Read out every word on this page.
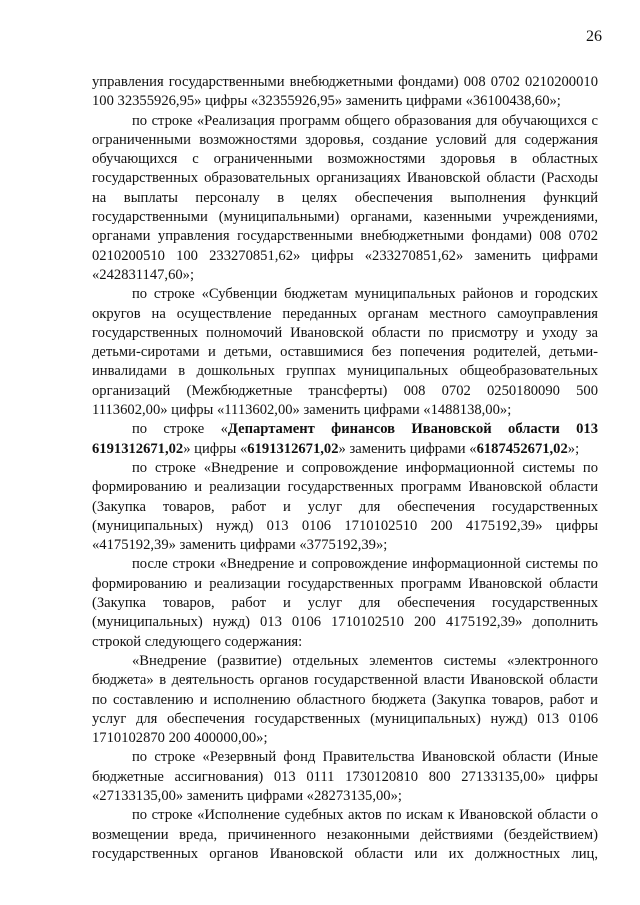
26

управления государственными внебюджетными фондами) 008 0702 0210200010 100 32355926,95» цифры «32355926,95» заменить цифрами «36100438,60»;

по строке «Реализация программ общего образования для обучающихся с ограниченными возможностями здоровья, создание условий для содержания обучающихся с ограниченными возможностями здоровья в областных государственных образовательных организациях Ивановской области (Расходы на выплаты персоналу в целях обеспечения выполнения функций государственными (муниципальными) органами, казенными учреждениями, органами управления государственными внебюджетными фондами) 008 0702 0210200510 100 233270851,62» цифры «233270851,62» заменить цифрами «242831147,60»;

по строке «Субвенции бюджетам муниципальных районов и городских округов на осуществление переданных органам местного самоуправления государственных полномочий Ивановской области по присмотру и уходу за детьми-сиротами и детьми, оставшимися без попечения родителей, детьми-инвалидами в дошкольных группах муниципальных общеобразовательных организаций (Межбюджетные трансферты) 008 0702 0250180090 500 1113602,00» цифры «1113602,00» заменить цифрами «1488138,00»;

по строке «Департамент финансов Ивановской области 013 6191312671,02» цифры «6191312671,02» заменить цифрами «6187452671,02»;

по строке «Внедрение и сопровождение информационной системы по формированию и реализации государственных программ Ивановской области (Закупка товаров, работ и услуг для обеспечения государственных (муниципальных) нужд) 013 0106 1710102510 200 4175192,39» цифры «4175192,39» заменить цифрами «3775192,39»;

после строки «Внедрение и сопровождение информационной системы по формированию и реализации государственных программ Ивановской области (Закупка товаров, работ и услуг для обеспечения государственных (муниципальных) нужд) 013 0106 1710102510 200 4175192,39» дополнить строкой следующего содержания:

«Внедрение (развитие) отдельных элементов системы «электронного бюджета» в деятельность органов государственной власти Ивановской области по составлению и исполнению областного бюджета (Закупка товаров, работ и услуг для обеспечения государственных (муниципальных) нужд) 013 0106 1710102870 200 400000,00»;

по строке «Резервный фонд Правительства Ивановской области (Иные бюджетные ассигнования) 013 0111 1730120810 800 27133135,00» цифры «27133135,00» заменить цифрами «28273135,00»;

по строке «Исполнение судебных актов по искам к Ивановской области о возмещении вреда, причиненного незаконными действиями (бездействием) государственных органов Ивановской области или их должностных лиц,
